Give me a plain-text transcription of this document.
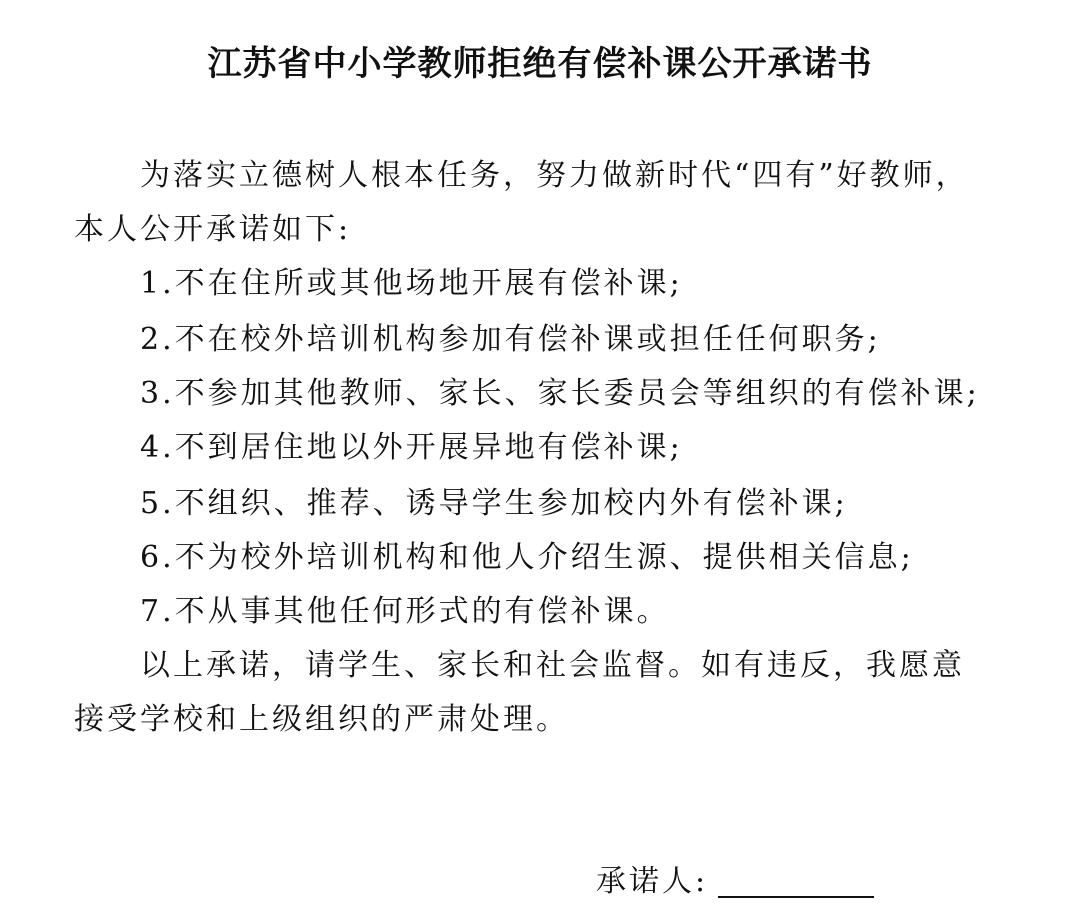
江苏省中小学教师拒绝有偿补课公开承诺书
为落实立德树人根本任务，努力做新时代“四有”好教师，
本人公开承诺如下:
1.不在住所或其他场地开展有偿补课;
2.不在校外培训机构参加有偿补课或担任任何职务;
3.不参加其他教师、家长、家长委员会等组织的有偿补课;
4.不到居住地以外开展异地有偿补课;
5.不组织、推荐、诱导学生参加校内外有偿补课;
6.不为校外培训机构和他人介绍生源、提供相关信息;
7.不从事其他任何形式的有偿补课。
以上承诺，请学生、家长和社会监督。如有违反，我愿意
接受学校和上级组织的严肃处理。
承诺人:
